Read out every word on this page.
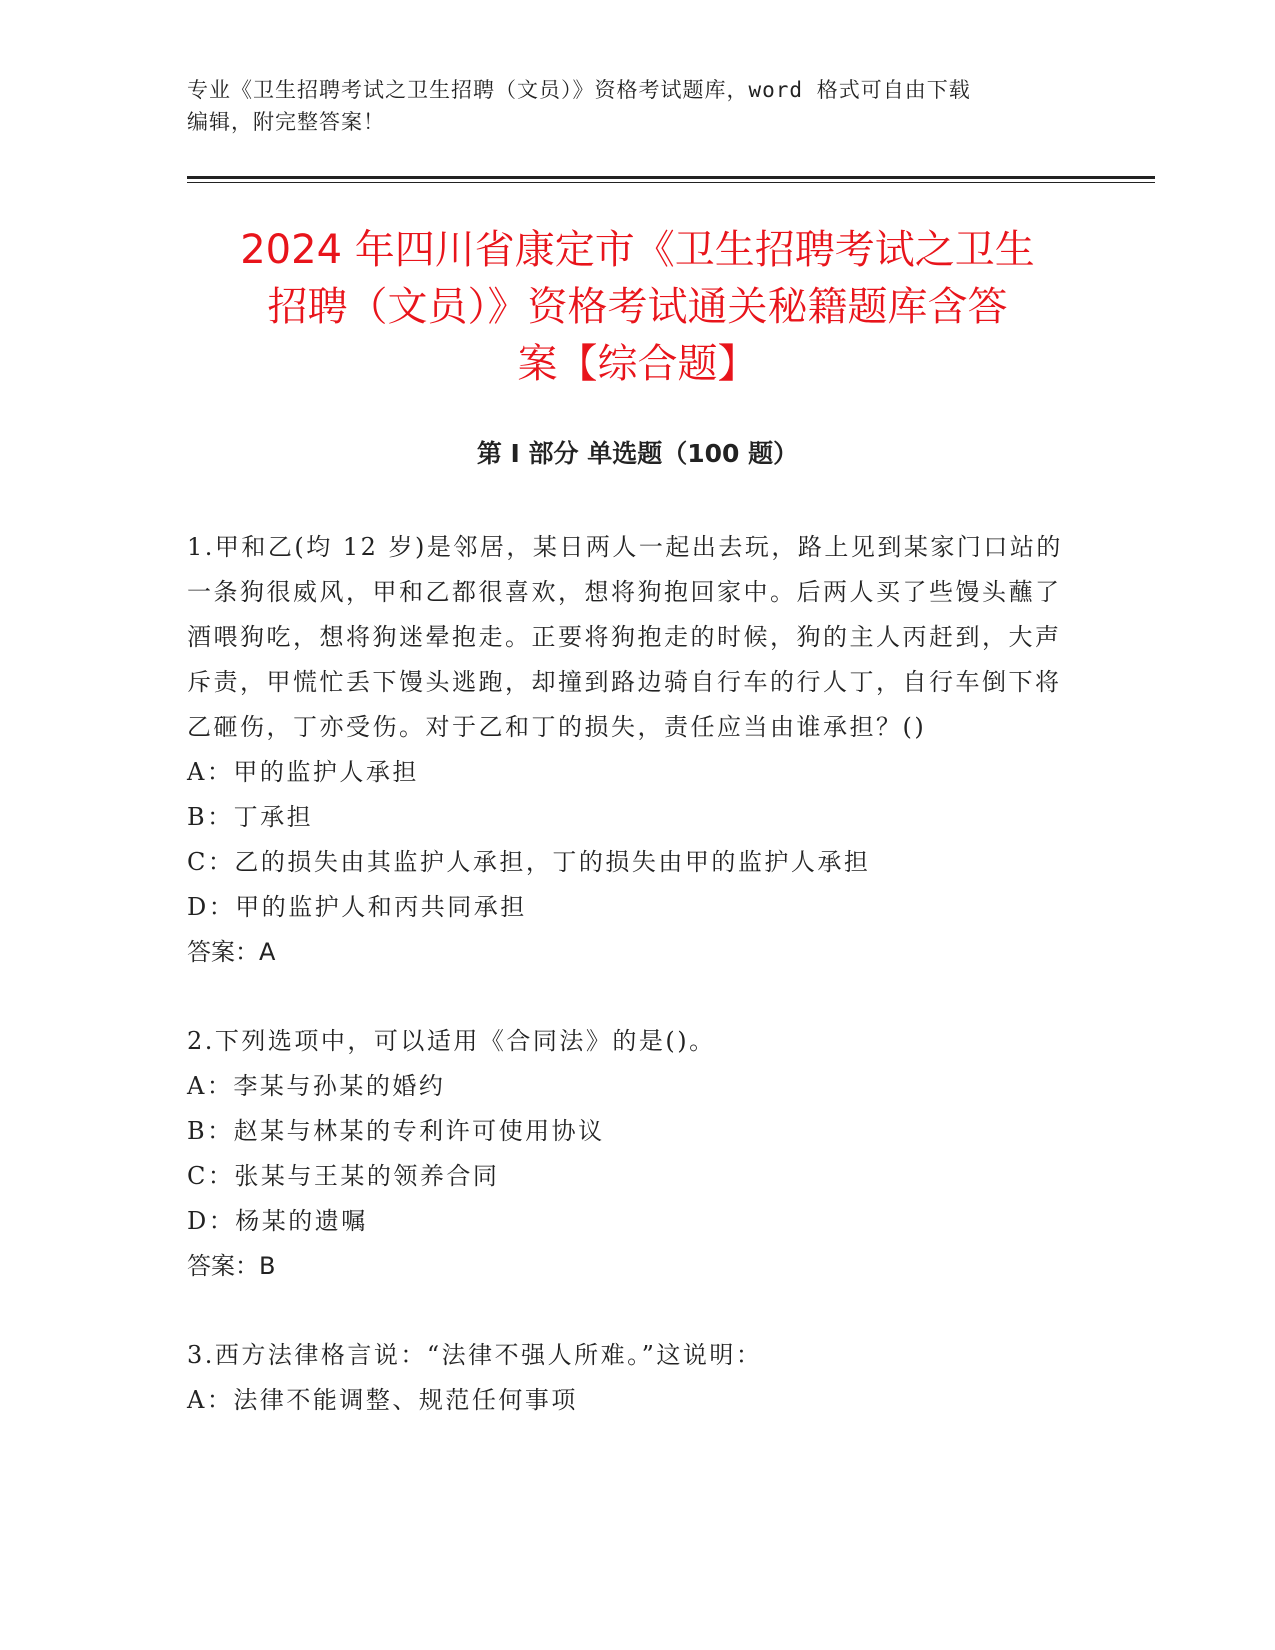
专业《卫生招聘考试之卫生招聘（文员）》资格考试题库，word 格式可自由下载

编辑，附完整答案！

2024 年四川省康定市《卫生招聘考试之卫生
招聘（文员）》资格考试通关秘籍题库含答
案【综合题】
第 I 部分 单选题（100 题）

1.甲和乙(均 12 岁)是邻居，某日两人一起出去玩，路上见到某家门口站的一条狗很威风，甲和乙都很喜欢，想将狗抱回家中。后两人买了些馒头蘸了酒喂狗吃，想将狗迷晕抱走。正要将狗抱走的时候，狗的主人丙赶到，大声斥责，甲慌忙丢下馒头逃跑，却撞到路边骑自行车的行人丁，自行车倒下将乙砸伤，丁亦受伤。对于乙和丁的损失，责任应当由谁承担？()

A：甲的监护人承担

B：丁承担

C：乙的损失由其监护人承担，丁的损失由甲的监护人承担

D：甲的监护人和丙共同承担

答案：A

2.下列选项中，可以适用《合同法》的是()。

A：李某与孙某的婚约

B：赵某与林某的专利许可使用协议

C：张某与王某的领养合同

D：杨某的遗嘱

答案：B

3.西方法律格言说：“法律不强人所难。”这说明：

A：法律不能调整、规范任何事项
